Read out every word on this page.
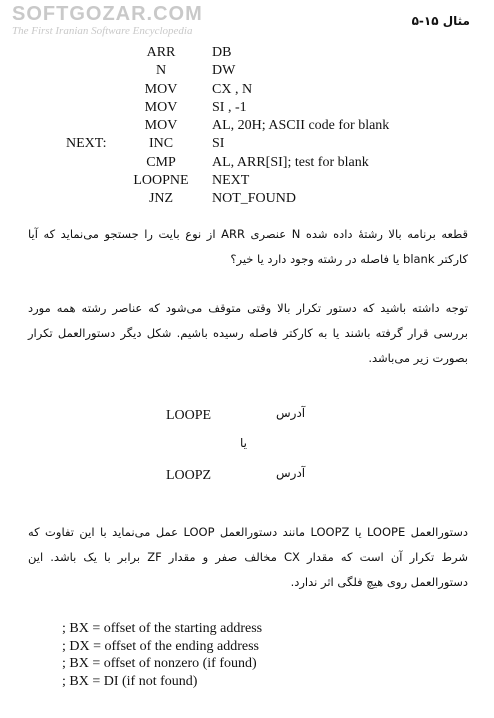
SOFTGOZAR.COM
The First Iranian Software Encyclopedia
مثال ۱۵-۵
ARR	DB
N	DW
MOV	CX , N
MOV	SI , -1
MOV	AL, 20H; ASCII code for blank
NEXT:	INC	SI
CMP	AL, ARR[SI]; test for blank
LOOPNE	NEXT
JNZ	NOT_FOUND

قطعه برنامه بالا رشتهٔ داده شده N عنصری ARR از نوع بایت را جستجو می‌نماید که آیا کارکتر blank یا فاصله در رشته وجود دارد یا خیر؟

توجه داشته باشید که دستور تکرار بالا وقتی متوقف می‌شود که عناصر رشته همه مورد بررسی قرار گرفته باشند یا به کارکتر فاصله رسیده باشیم. شکل دیگر دستورالعمل تکرار بصورت زیر می‌باشد.

LOOPE	آدرس
یا
LOOPZ	آدرس

دستورالعمل LOOPE یا LOOPZ مانند دستورالعمل LOOP عمل می‌نماید با این تفاوت که شرط تکرار آن است که مقدار CX مخالف صفر و مقدار ZF برابر با یک باشد. این دستورالعمل روی هیچ فلگی اثر ندارد.

; BX = offset of the starting address
; DX = offset of the ending address
; BX = offset of nonzero (if found)
; BX = DI (if not found)
